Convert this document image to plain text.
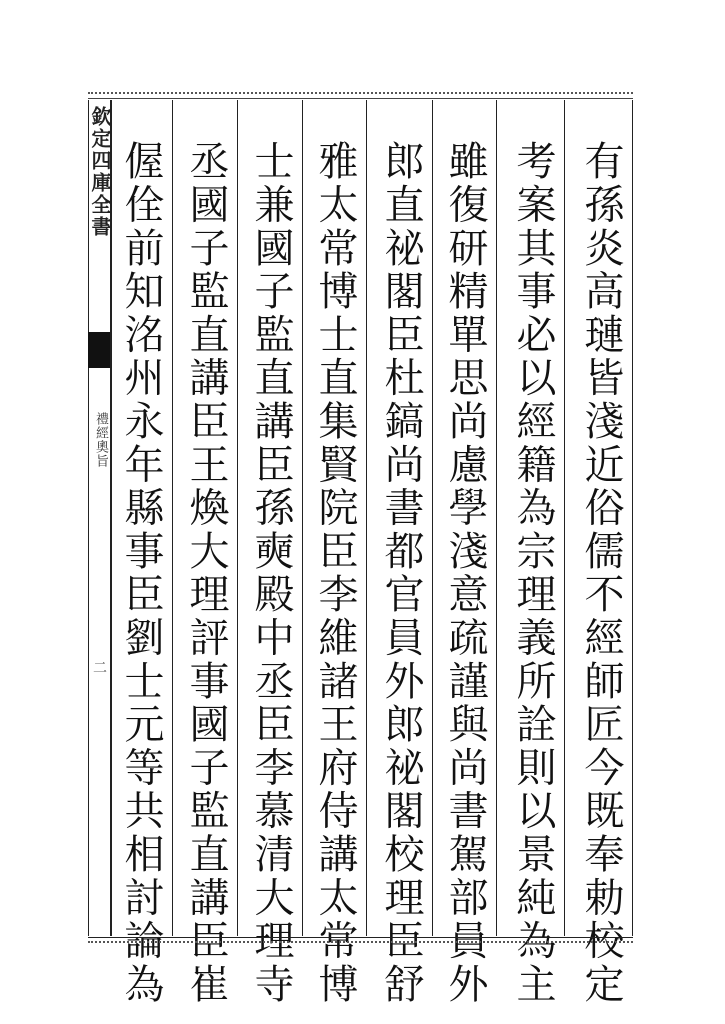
欽定四庫全書
禮經奧旨
二	有孫炎高璉皆淺近俗儒不經師匠今既奉勅校定
考案其事必以經籍為宗理義所詮則以景純為主
雖復研精單思尚慮學淺意疏謹與尚書駕部員外
郎直祕閣臣杜鎬尚書都官員外郎祕閣校理臣舒
雅太常博士直集賢院臣李維諸王府侍講太常博
士兼國子監直講臣孫奭殿中丞臣李慕清大理寺
丞國子監直講臣王煥大理評事國子監直講臣崔
偓佺前知洺州永年縣事臣劉士元等共相討論為
